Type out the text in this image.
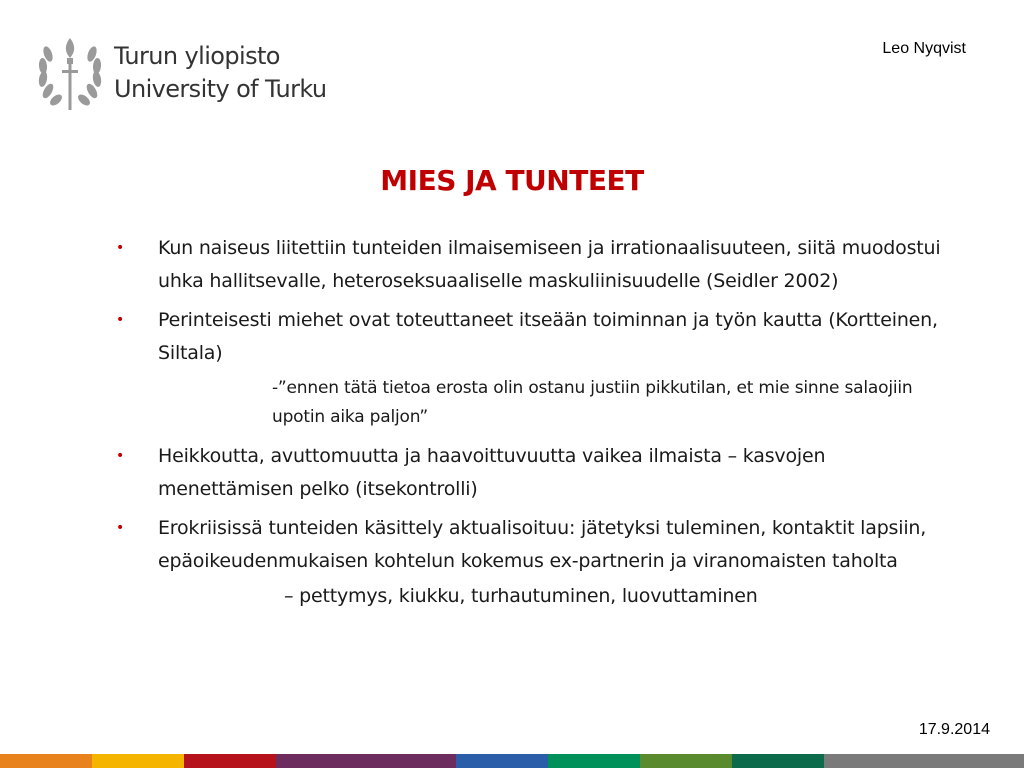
Turun yliopisto
University of Turku
Leo Nyqvist
MIES JA TUNTEET
• Kun naiseus liitettiin tunteiden ilmaisemiseen ja irrationaalisuuteen, siitä muodostui uhka hallitsevalle, heteroseksuaaliselle maskuliinisuudelle (Seidler 2002)
• Perinteisesti miehet ovat toteuttaneet itseään toiminnan ja työn kautta (Kortteinen, Siltala)
-”ennen tätä tietoa erosta olin ostanu justiin pikkutilan, et mie sinne salaojiin upotin aika paljon”
• Heikkoutta, avuttomuutta ja haavoittuvuutta vaikea ilmaista – kasvojen menettämisen pelko (itsekontrolli)
• Erokriisissä tunteiden käsittely aktualisoituu: jätetyksi tuleminen, kontaktit lapsiin, epäoikeudenmukaisen kohtelun kokemus ex-partnerin ja viranomaisten taholta
– pettymys, kiukku, turhautuminen, luovuttaminen
17.9.2014
